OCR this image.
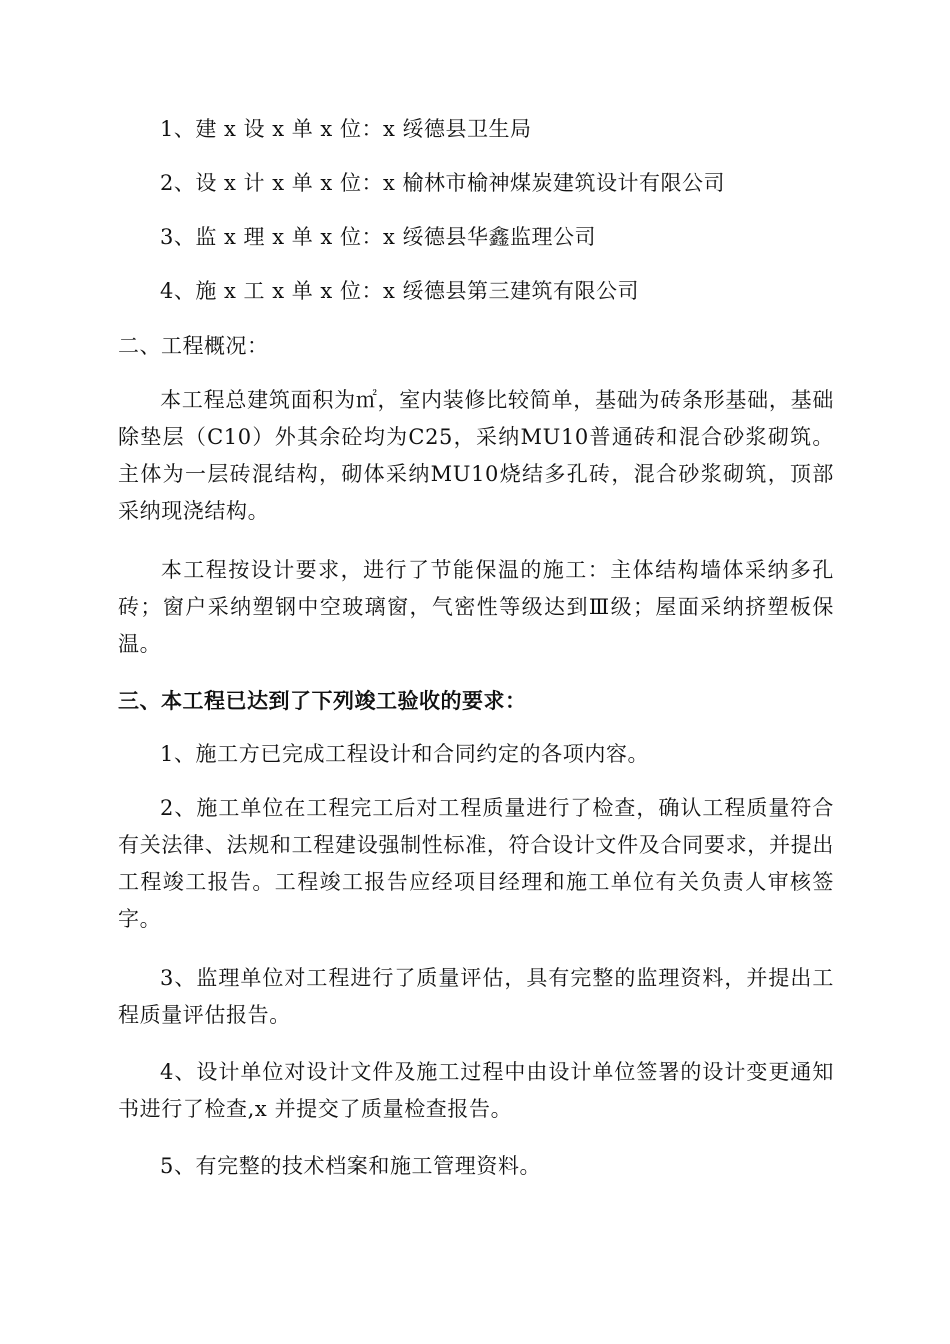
1、建 x 设 x 单 x 位：x 绥德县卫生局
2、设 x 计 x 单 x 位：x 榆林市榆神煤炭建筑设计有限公司
3、监 x 理 x 单 x 位：x 绥德县华鑫监理公司
4、施 x 工 x 单 x 位：x 绥德县第三建筑有限公司
二、工程概况：
本工程总建筑面积为㎡，室内装修比较简单，基础为砖条形基础，基础除垫层（C10）外其余砼均为C25，采纳MU10普通砖和混合砂浆砌筑。主体为一层砖混结构，砌体采纳MU10烧结多孔砖，混合砂浆砌筑，顶部采纳现浇结构。
本工程按设计要求，进行了节能保温的施工：主体结构墙体采纳多孔砖；窗户采纳塑钢中空玻璃窗，气密性等级达到Ⅲ级；屋面采纳挤塑板保温。
三、本工程已达到了下列竣工验收的要求：
1、施工方已完成工程设计和合同约定的各项内容。
2、施工单位在工程完工后对工程质量进行了检查，确认工程质量符合有关法律、法规和工程建设强制性标准，符合设计文件及合同要求，并提出工程竣工报告。工程竣工报告应经项目经理和施工单位有关负责人审核签字。
3、监理单位对工程进行了质量评估，具有完整的监理资料，并提出工程质量评估报告。
4、设计单位对设计文件及施工过程中由设计单位签署的设计变更通知书进行了检查,x 并提交了质量检查报告。
5、有完整的技术档案和施工管理资料。
